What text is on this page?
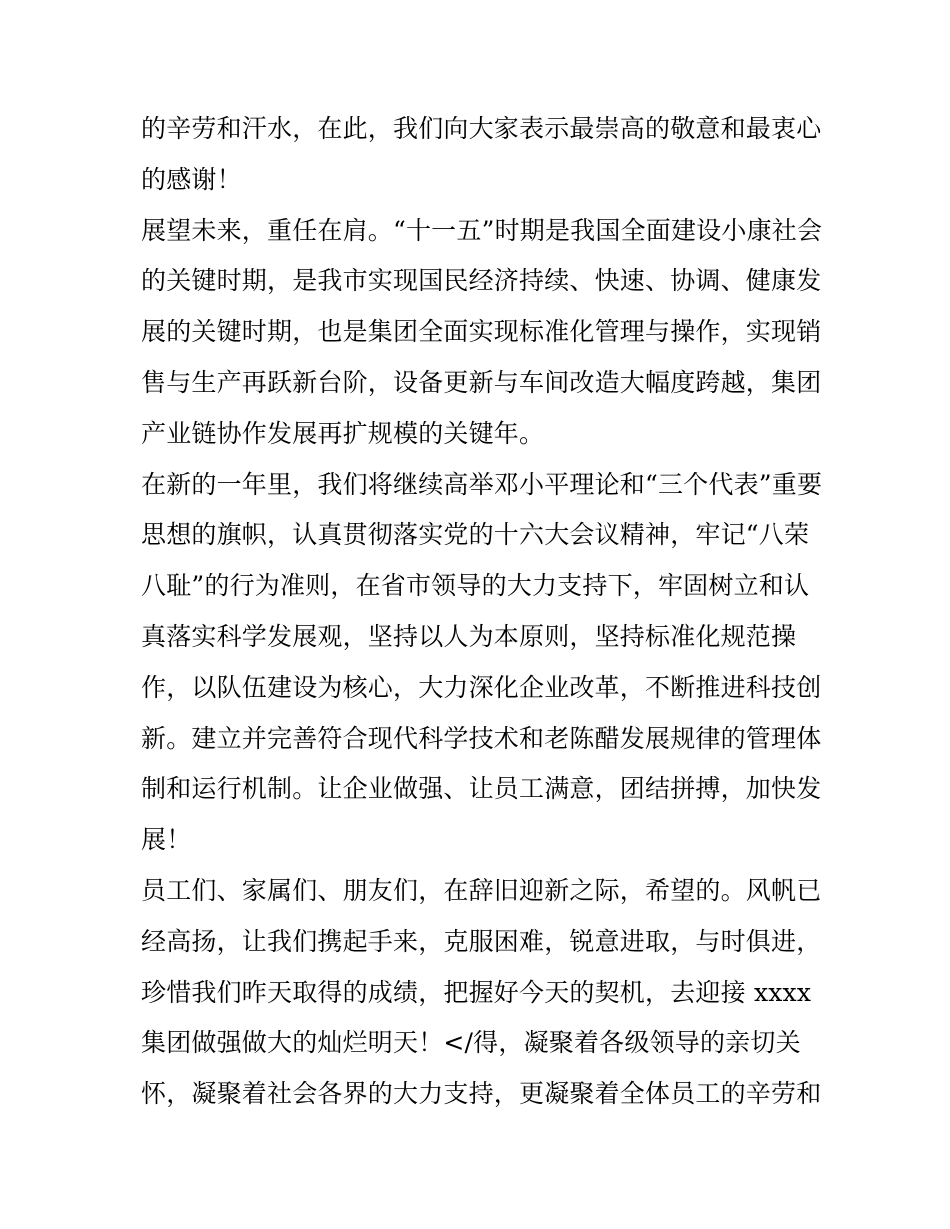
的辛劳和汗水，在此，我们向大家表示最崇高的敬意和最衷心
的感谢！
展望未来，重任在肩。“十一五”时期是我国全面建设小康社会
的关键时期，是我市实现国民经济持续、快速、协调、健康发
展的关键时期，也是集团全面实现标准化管理与操作，实现销
售与生产再跃新台阶，设备更新与车间改造大幅度跨越，集团
产业链协作发展再扩规模的关键年。
在新的一年里，我们将继续高举邓小平理论和“三个代表”重要
思想的旗帜，认真贯彻落实党的十六大会议精神，牢记“八荣
八耻”的行为准则，在省市领导的大力支持下，牢固树立和认
真落实科学发展观，坚持以人为本原则，坚持标准化规范操
作，以队伍建设为核心，大力深化企业改革，不断推进科技创
新。建立并完善符合现代科学技术和老陈醋发展规律的管理体
制和运行机制。让企业做强、让员工满意，团结拼搏，加快发
展！
员工们、家属们、朋友们，在辞旧迎新之际，希望的。风帆已
经高扬，让我们携起手来，克服困难，锐意进取，与时俱进，
珍惜我们昨天取得的成绩，把握好今天的契机，去迎接 xxxx
集团做强做大的灿烂明天！</得，凝聚着各级领导的亲切关
怀，凝聚着社会各界的大力支持，更凝聚着全体员工的辛劳和
